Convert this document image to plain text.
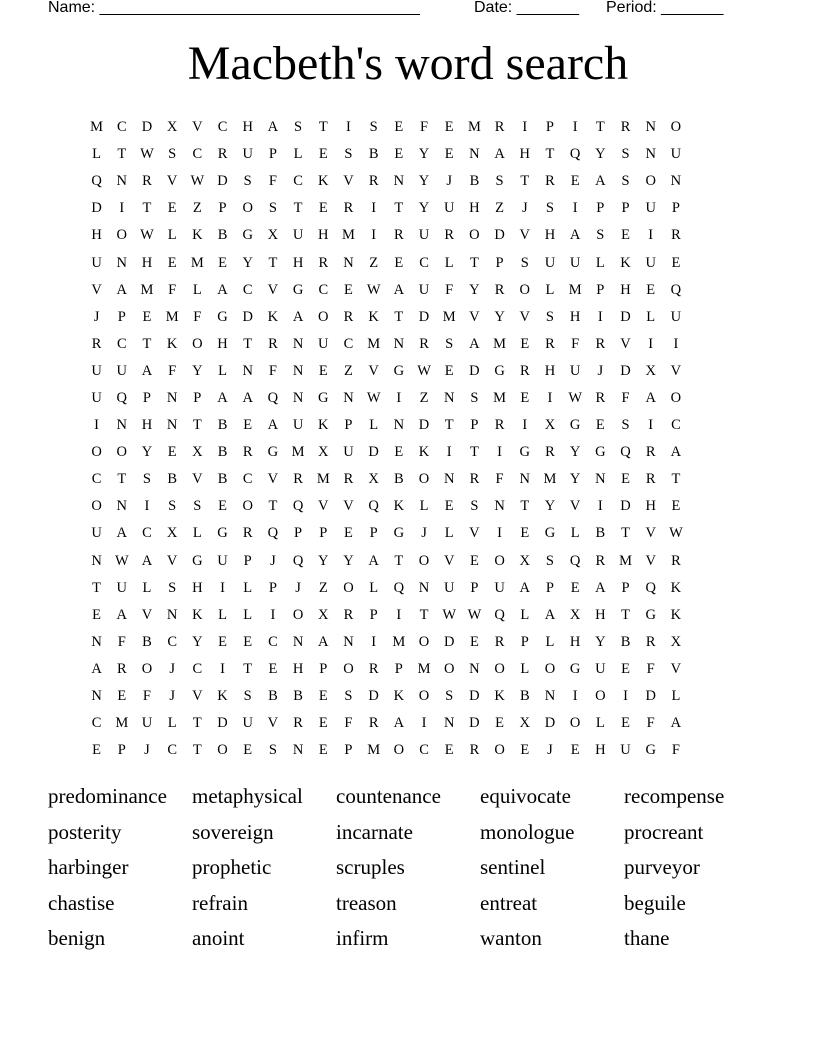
Name: ____________________________________	Date: _______ Period: _______
Macbeth's word search
M C	D	X	V	C	H	A	S	T	I	S	E	F	E M R	I	P	I	T	R	N	O
L	T W S	C	R	U	P	L	E	S	B	E	Y	E	N	A	H	T	Q	Y	S	N	U
Q	N	R	V W D	S	F	C	K	V	R	N	Y	J	B	S	T	R	E	A	S	O	N
D	I	T	E	Z	P	O	S	T	E	R	I	T	Y	U	H	Z	J	S	I	P	P	U	P
H	O W L	K	B	G	X	U	H M	I	R	U	R	O	D	V	H	A	S	E	I	R
U	N	H	E M E	Y	T	H	R	N	Z	E	C	L	T	P	S	U	U	L	K	U	E
V	A M	F	L	A	C	V	G	C	E W A	U	F	Y	R	O	L M	P	H	E	Q
J	P	E M	F	G	D	K	A	O	R	K	T	D M V	Y	V	S	H	I	D	L	U
R	C	T	K	O	H	T	R	N	U	C M N	R	S	A M E	R	F	R	V	I	I
U	U	A	F	Y	L	N	F	N	E	Z	V	G W E	D	G	R	H	U	J	D	X	V
U	Q	P	N	P	A	A	Q	N	G	N W	I	Z	N	S	M E	I	W R	F	A	O
I	N	H	N	T	B	E	A	U	K	P	L	N	D	T	P	R	I	X	G	E	S	I	C
O	O	Y	E	X	B	R	G M X	U	D	E	K	I	T	I	G	R	Y	G	Q	R	A
C	T	S	B	V	B	C	V	R M R	X	B	O	N	R	F	N M Y	N	E	R	T
O	N	I	S	S	E	O	T	Q	V	V	Q	K	L	E	S	N	T	Y	V	I	D	H	E
U	A	C	X	L	G	R	Q	P	P	E	P	G	J	L	V	I	E	G	L	B	T	V W
N W A	V	G	U	P	J	Q	Y	Y	A	T	O	V	E	O	X	S	Q	R M V	R
T	U	L	S	H	I	L	P	J	Z	O	L	Q	N	U	P	U	A	P	E	A	P	Q	K
E	A	V	N	K	L	L	I	O	X	R	P	I	T W W Q	L	A	X	H	T	G	K
N	F	B	C	Y	E	E	C	N	A	N	I	M O	D	E	R	P	L	H	Y	B	R	X
A	R	O	J	C	I	T	E	H	P	O	R	P	M O	N	O	L	O	G	U	E	F	V
N	E	F	J	V	K	S	B	B	E	S	D	K	O	S	D	K	B	N	I	O	I	D	L
C M U	L	T	D	U	V	R	E	F	R	A	I	N	D	E	X	D	O	L	E	F	A
E	P	J	C	T	O	E	S	N	E	P	M O	C	E	R	O	E	J	E	H	U	G	F
predominance	metaphysical	countenance	equivocate	recompense
posterity	sovereign	incarnate	monologue	procreant
harbinger	prophetic	scruples	sentinel	purveyor
chastise	refrain	treason	entreat	beguile
benign	anoint	infirm	wanton	thane
